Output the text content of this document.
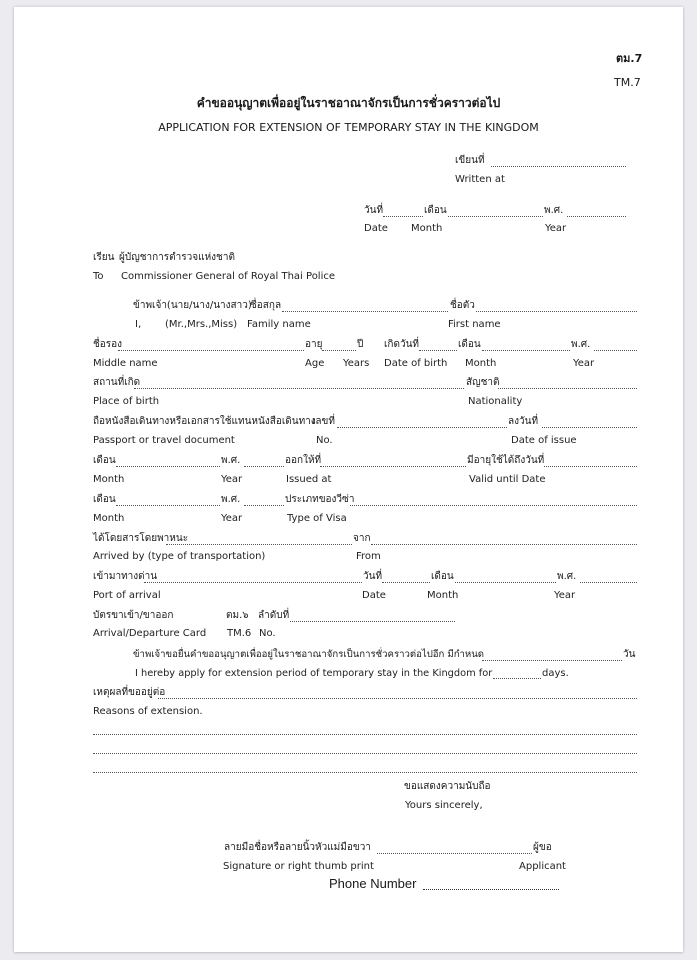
ตม.7
TM.7
คำขออนุญาตเพื่ออยู่ในราชอาณาจักรเป็นการชั่วคราวต่อไป
APPLICATION FOR EXTENSION OF TEMPORARY STAY IN THE KINGDOM
เขียนที่
Written at
วันที่	เดือน	พ.ศ.
Date Month	Year
เรียน ผู้บัญชาการตำรวจแห่งชาติ
To Commissioner General of Royal Thai Police
ข้าพเจ้า(นาย/นาง/นางสาว)
ชื่อสกุล	ชื่อตัว
I, (Mr.,Mrs.,Miss) Family name	First name
ชื่อรอง	อายุ	ปี เกิดวันที่	เดือน	พ.ศ.
Middle name	Age Years Date of birth Month	Year
สถานที่เกิด	สัญชาติ
Place of birth	Nationality
ถือหนังสือเดินทางหรือเอกสารใช้แทนหนังสือเดินทาง
เลขที่	ลงวันที่
Passport or travel document	No.	Date of issue
เดือน	พ.ศ.	ออกให้ที่	มีอายุใช้ได้ถึงวันที่
Month	Year	Issued at	Valid until Date
เดือน	พ.ศ.	ประเภทของวีซ่า
Month	Year	Type of Visa
ได้โดยสารโดยพาหนะ	จาก
Arrived by (type of transportation)	From
เข้ามาทางด่าน	วันที่	เดือน	พ.ศ.
Port of arrival	Date	Month	Year
บัตรขาเข้า/ขาออก	ตม.๖ ลำดับที่
Arrival/Departure Card TM.6 No.
ข้าพเจ้าขอยื่นคำขออนุญาตเพื่ออยู่ในราชอาณาจักรเป็นการชั่วคราวต่อไปอีก มีกำหนด	วัน
I hereby apply for extension period of temporary stay in the Kingdom for	days.
เหตุผลที่ขออยู่ต่อ
Reasons of extension.
ขอแสดงความนับถือ
Yours sincerely,
ลายมือชื่อหรือลายนิ้วหัวแม่มือขวา	ผู้ขอ
Signature or right thumb print	Applicant
Phone Number
